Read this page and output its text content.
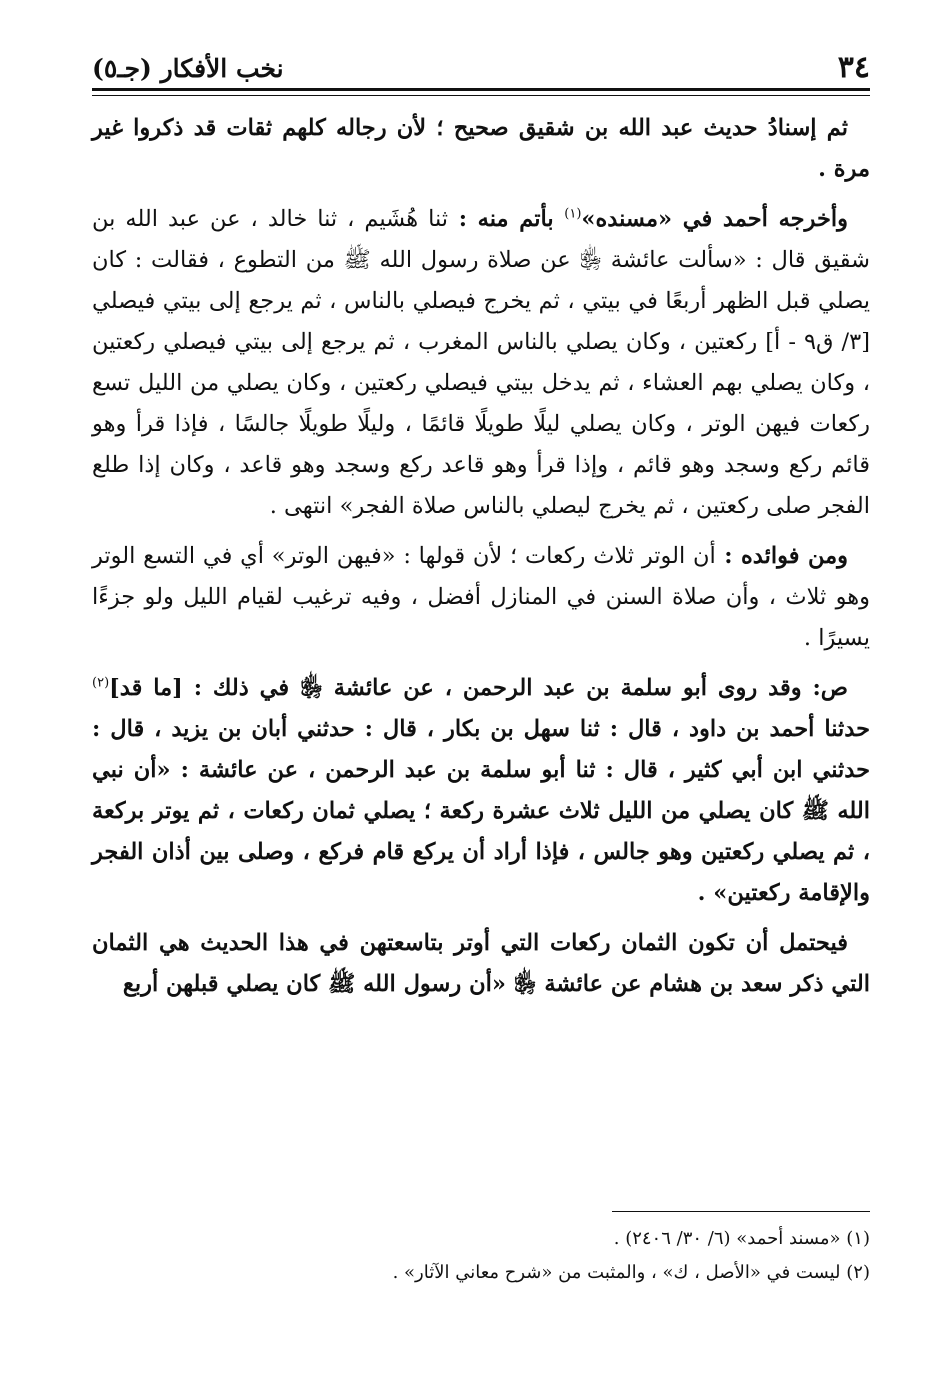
٣٤
نخب الأفكار (جـ٥)

ثم إسنادُ حديث عبد الله بن شقيق صحيح ؛ لأن رجاله كلهم ثقات قد ذكروا غير مرة .

وأخرجه أحمد في «مسنده»$^{(١)}$ بأتم منه : ثنا هُشَيم ، ثنا خالد ، عن عبد الله بن شقيق قال : «سألت عائشة ﵂ عن صلاة رسول الله ﷺ من التطوع ، فقالت : كان يصلي قبل الظهر أربعًا في بيتي ، ثم يخرج فيصلي بالناس ، ثم يرجع إلى بيتي فيصلي [٣/ ق٩ - أ] ركعتين ، وكان يصلي بالناس المغرب ، ثم يرجع إلى بيتي فيصلي ركعتين ، وكان يصلي بهم العشاء ، ثم يدخل بيتي فيصلي ركعتين ، وكان يصلي من الليل تسع ركعات فيهن الوتر ، وكان يصلي ليلًا طويلًا قائمًا ، وليلًا طويلًا جالسًا ، فإذا قرأ وهو قائم ركع وسجد وهو قائم ، وإذا قرأ وهو قاعد ركع وسجد وهو قاعد ، وكان إذا طلع الفجر صلى ركعتين ، ثم يخرج ليصلي بالناس صلاة الفجر» انتهى .

ومن فوائده : أن الوتر ثلاث ركعات ؛ لأن قولها : «فيهن الوتر» أي في التسع الوتر وهو ثلاث ، وأن صلاة السنن في المنازل أفضل ، وفيه ترغيب لقيام الليل ولو جزءًا يسيرًا .

ص: وقد روى أبو سلمة بن عبد الرحمن ، عن عائشة ﵂ في ذلك : [ما قد]$^{(٢)}$ حدثنا أحمد بن داود ، قال : ثنا سهل بن بكار ، قال : حدثني أبان بن يزيد ، قال : حدثني ابن أبي كثير ، قال : ثنا أبو سلمة بن عبد الرحمن ، عن عائشة : «أن نبي الله ﷺ كان يصلي من الليل ثلاث عشرة ركعة ؛ يصلي ثمان ركعات ، ثم يوتر بركعة ، ثم يصلي ركعتين وهو جالس ، فإذا أراد أن يركع قام فركع ، وصلى بين أذان الفجر والإقامة ركعتين» .

فيحتمل أن تكون الثمان ركعات التي أوتر بتاسعتهن في هذا الحديث هي الثمان التي ذكر سعد بن هشام عن عائشة ﵂ «أن رسول الله ﷺ كان يصلي قبلهن أربع

(١) «مسند أحمد» (٦/ ٣٠/ ٢٤٠٦) .

(٢) ليست في «الأصل ، ك» ، والمثبت من «شرح معاني الآثار» .
